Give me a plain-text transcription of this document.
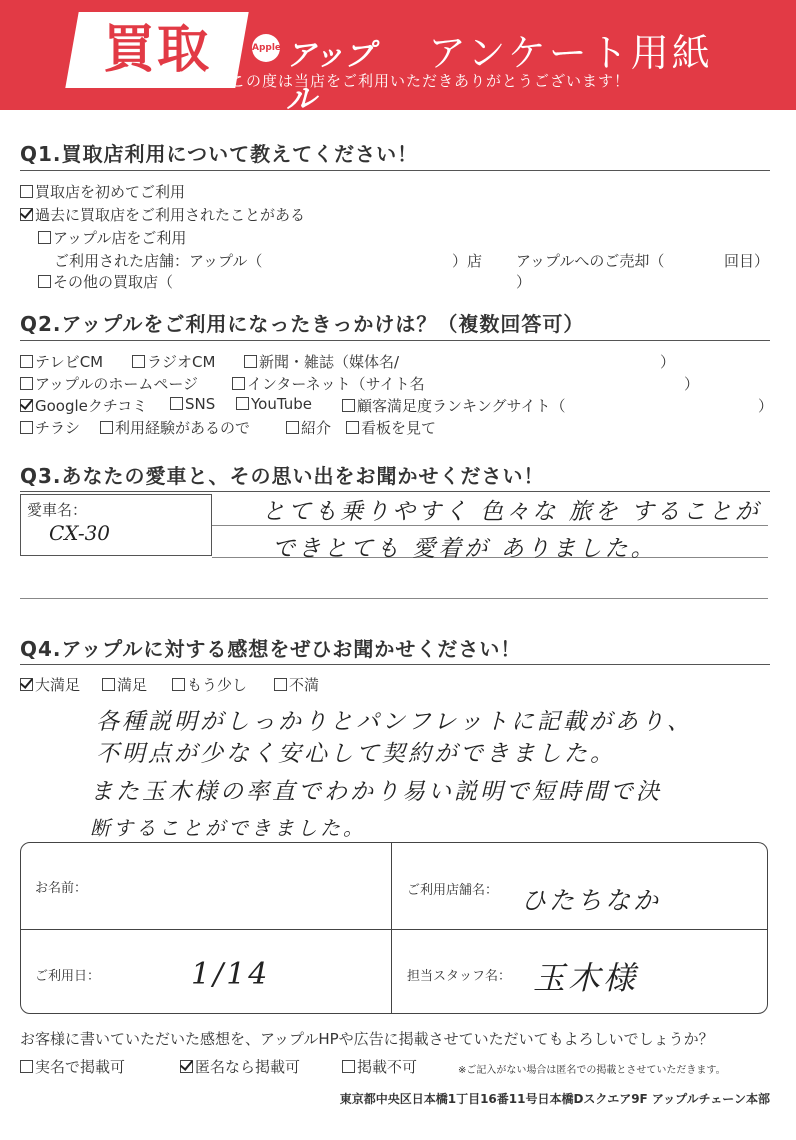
買取	Apple アップル
アンケート用紙
この度は当店をご利用いただきありがとうございます！
Q1.買取店利用について教えてください！
買取店を初めてご利用
過去に買取店をご利用されたことがある
アップル店をご利用
ご利用された店舗：アップル（	）店 アップルへのご売却（	回目）
その他の買取店（	）
Q2.アップルをご利用になったきっかけは？（複数回答可）
テレビCM	ラジオCM	新聞・雑誌（媒体名/	）
アップルのホームページ	インターネット（サイト名	）
Googleクチコミ	SNS	YouTube	顧客満足度ランキングサイト（	）
チラシ	利用経験があるので	紹介	看板を見て
Q3.あなたの愛車と、その思い出をお聞かせください！
愛車名：
CX-30
とても乗りやすく 色々な 旅を することが
できとても 愛着が ありました。
Q4.アップルに対する感想をぜひお聞かせください！
大満足	満足	もう少し	不満
各種説明がしっかりとパンフレットに記載があり、
不明点が少なく安心して契約ができました。
また玉木様の率直でわかり易い説明で短時間で決
断することができました。
お名前：	ご利用店舗名： ひたちなか
ご利用日：	1/14	担当スタッフ名： 玉木様
お客様に書いていただいた感想を、アップルHPや広告に掲載させていただいてもよろしいでしょうか？
実名で掲載可	匿名なら掲載可	掲載不可	※ご記入がない場合は匿名での掲載とさせていただきます。
東京都中央区日本橋1丁目16番11号日本橋Dスクエア9F アップルチェーン本部
